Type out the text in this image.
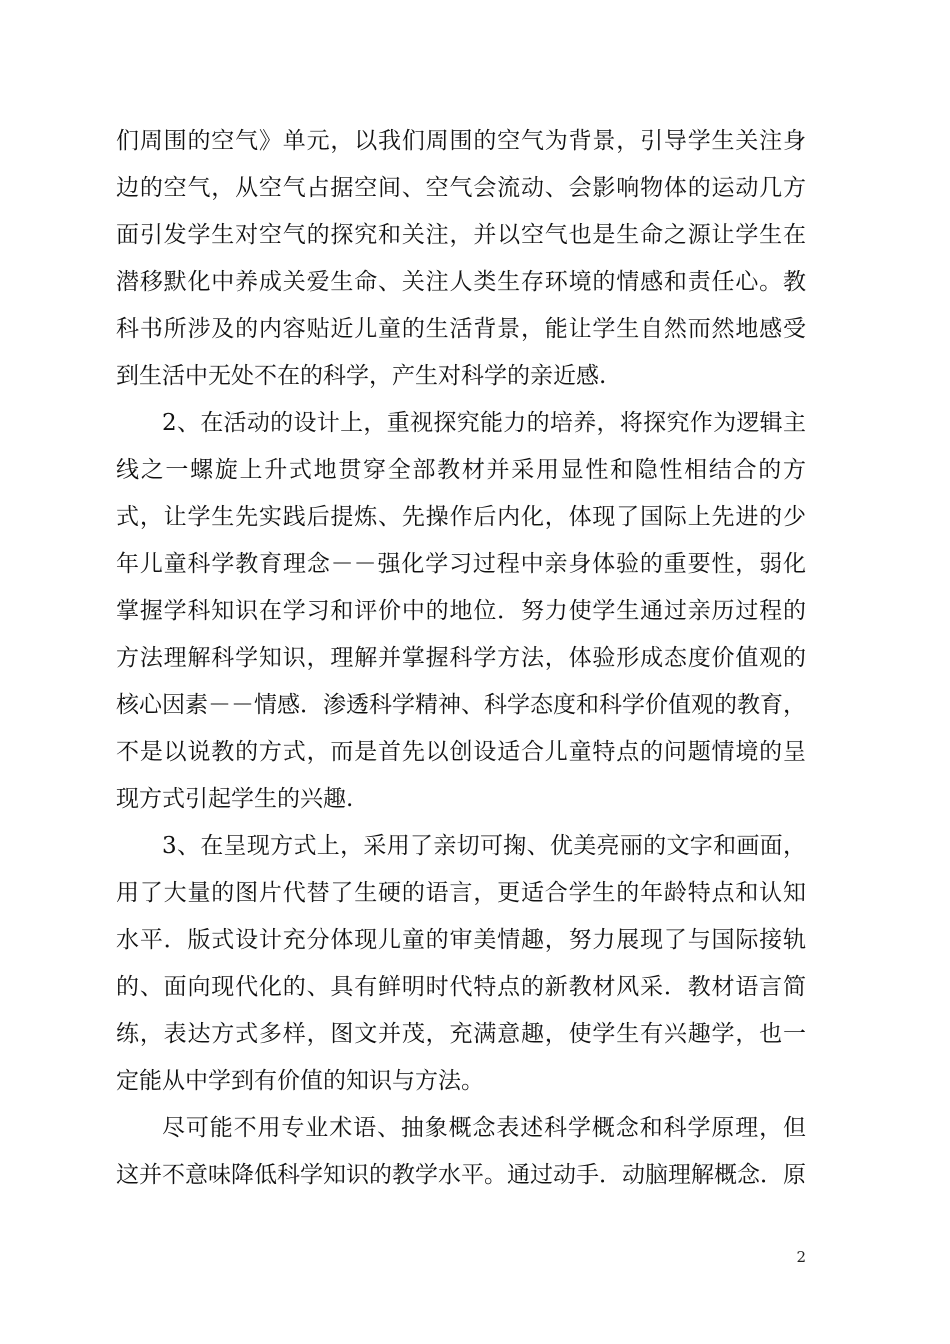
们周围的空气》单元，以我们周围的空气为背景，引导学生关注身
边的空气，从空气占据空间、空气会流动、会影响物体的运动几方
面引发学生对空气的探究和关注，并以空气也是生命之源让学生在
潜移默化中养成关爱生命、关注人类生存环境的情感和责任心。教
科书所涉及的内容贴近儿童的生活背景，能让学生自然而然地感受
到生活中无处不在的科学，产生对科学的亲近感.
2、在活动的设计上，重视探究能力的培养，将探究作为逻辑主
线之一螺旋上升式地贯穿全部教材并采用显性和隐性相结合的方
式，让学生先实践后提炼、先操作后内化，体现了国际上先进的少
年儿童科学教育理念－－强化学习过程中亲身体验的重要性，弱化
掌握学科知识在学习和评价中的地位．努力使学生通过亲历过程的
方法理解科学知识，理解并掌握科学方法，体验形成态度价值观的
核心因素－－情感．渗透科学精神、科学态度和科学价值观的教育，
不是以说教的方式，而是首先以创设适合儿童特点的问题情境的呈
现方式引起学生的兴趣.
3、在呈现方式上，采用了亲切可掬、优美亮丽的文字和画面，
用了大量的图片代替了生硬的语言，更适合学生的年龄特点和认知
水平．版式设计充分体现儿童的审美情趣，努力展现了与国际接轨
的、面向现代化的、具有鲜明时代特点的新教材风采．教材语言简
练，表达方式多样，图文并茂，充满意趣，使学生有兴趣学，也一
定能从中学到有价值的知识与方法。
尽可能不用专业术语、抽象概念表述科学概念和科学原理，但
这并不意味降低科学知识的教学水平。通过动手．动脑理解概念．原
2
